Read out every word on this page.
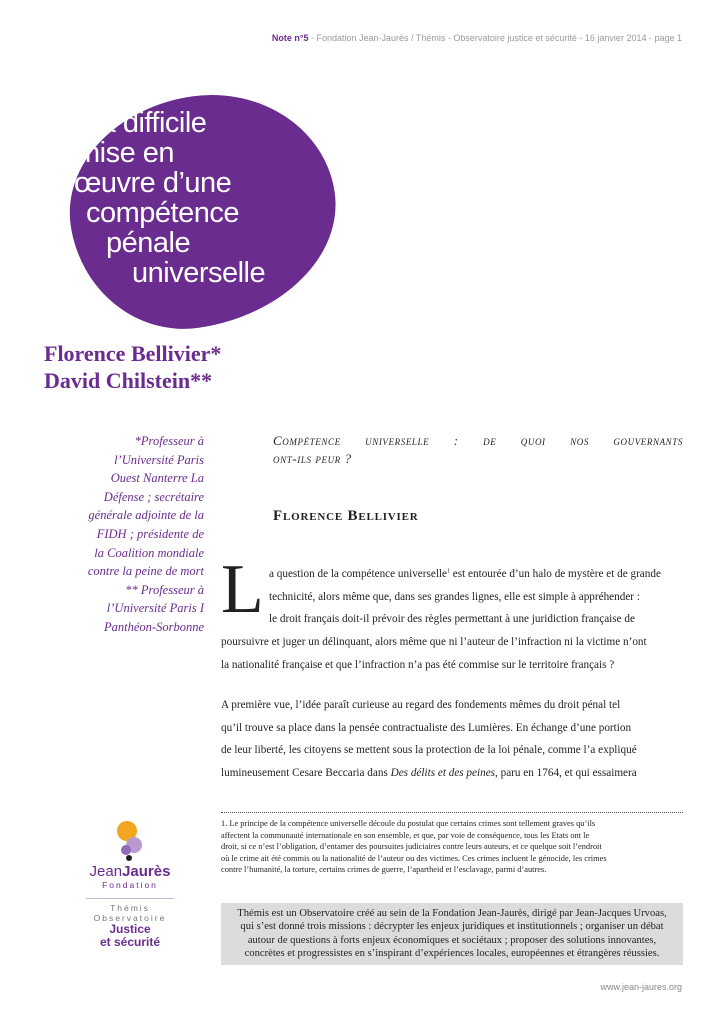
Note n°5 - Fondation Jean-Jaurès / Thémis - Observatoire justice et sécurité - 16 janvier 2014 - page 1
La difficile
mise en
œuvre d’une
compétence
pénale
universelle
Florence Bellivier*
David Chilstein**
*Professeur à
l’Université Paris
Ouest Nanterre La
Défense ; secrétaire
générale adjointe de la
FIDH ; présidente de
la Coalition mondiale
contre la peine de mort
** Professeur à
l’Université Paris I
Panthéon-Sorbonne
Compétence universelle : de quoi nos gouvernants
ont-ils peur ?
Florence Bellivier
L a question de la compétence universelle$^1$ est entourée d’un halo de mystère et de grande
technicité, alors même que, dans ses grandes lignes, elle est simple à appréhender :
le droit français doit-il prévoir des règles permettant à une juridiction française de
poursuivre et juger un délinquant, alors même que ni l’auteur de l’infraction ni la victime n’ont
la nationalité française et que l’infraction n’a pas été commise sur le territoire français ?
A première vue, l’idée paraît curieuse au regard des fondements mêmes du droit pénal tel
qu’il trouve sa place dans la pensée contractualiste des Lumières. En échange d’une portion
de leur liberté, les citoyens se mettent sous la protection de la loi pénale, comme l’a expliqué
lumineusement Cesare Beccaria dans Des délits et des peines, paru en 1764, et qui essaimera
1. Le principe de la compétence universelle découle du postulat que certains crimes sont tellement graves qu’ils
affectent la communauté internationale en son ensemble, et que, par voie de conséquence, tous les Etats ont le
droit, si ce n’est l’obligation, d’entamer des poursuites judiciaires contre leurs auteurs, et ce quelque soit l’endroit
où le crime ait été commis ou la nationalité de l’auteur ou des victimes. Ces crimes incluent le génocide, les crimes
contre l’humanité, la torture, certains crimes de guerre, l’apartheid et l’esclavage, parmi d’autres.
JeanJaurès
Fondation
Thémis
Observatoire
Justice
et sécurité
Thémis est un Observatoire créé au sein de la Fondation Jean-Jaurès, dirigé par Jean-Jacques Urvoas,
qui s’est donné trois missions : décrypter les enjeux juridiques et institutionnels ; organiser un débat
autour de questions à forts enjeux économiques et sociétaux ; proposer des solutions innovantes,
concrètes et progressistes en s’inspirant d’expériences locales, européennes et étrangères réussies.
www.jean-jaures.org
